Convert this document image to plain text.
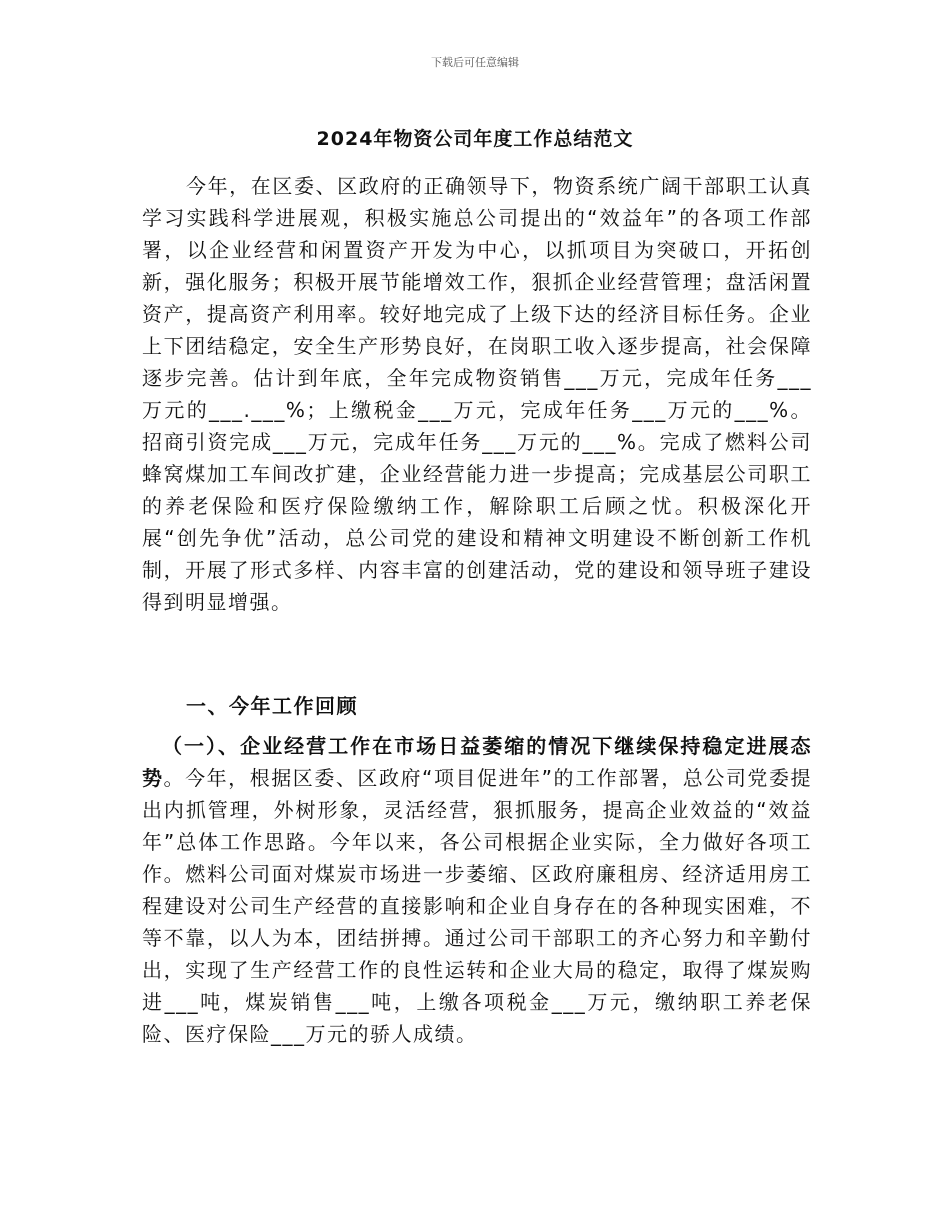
下载后可任意编辑
2024年物资公司年度工作总结范文
今年，在区委、区政府的正确领导下，物资系统广阔干部职工认真学习实践科学进展观，积极实施总公司提出的“效益年”的各项工作部署，以企业经营和闲置资产开发为中心，以抓项目为突破口，开拓创新，强化服务；积极开展节能增效工作，狠抓企业经营管理；盘活闲置资产，提高资产利用率。较好地完成了上级下达的经济目标任务。企业上下团结稳定，安全生产形势良好，在岗职工收入逐步提高，社会保障逐步完善。估计到年底，全年完成物资销售___万元，完成年任务___万元的___.___%；上缴税金___万元，完成年任务___万元的___%。招商引资完成___万元，完成年任务___万元的___%。完成了燃料公司蜂窝煤加工车间改扩建，企业经营能力进一步提高；完成基层公司职工的养老保险和医疗保险缴纳工作，解除职工后顾之忧。积极深化开展“创先争优”活动，总公司党的建设和精神文明建设不断创新工作机制，开展了形式多样、内容丰富的创建活动，党的建设和领导班子建设得到明显增强。
一、今年工作回顾
（一）、企业经营工作在市场日益萎缩的情况下继续保持稳定进展态势。今年，根据区委、区政府“项目促进年”的工作部署，总公司党委提出内抓管理，外树形象，灵活经营，狠抓服务，提高企业效益的“效益年”总体工作思路。今年以来，各公司根据企业实际，全力做好各项工作。燃料公司面对煤炭市场进一步萎缩、区政府廉租房、经济适用房工程建设对公司生产经营的直接影响和企业自身存在的各种现实困难，不等不靠，以人为本，团结拼搏。通过公司干部职工的齐心努力和辛勤付出，实现了生产经营工作的良性运转和企业大局的稳定，取得了煤炭购进___吨，煤炭销售___吨，上缴各项税金___万元，缴纳职工养老保险、医疗保险___万元的骄人成绩。
